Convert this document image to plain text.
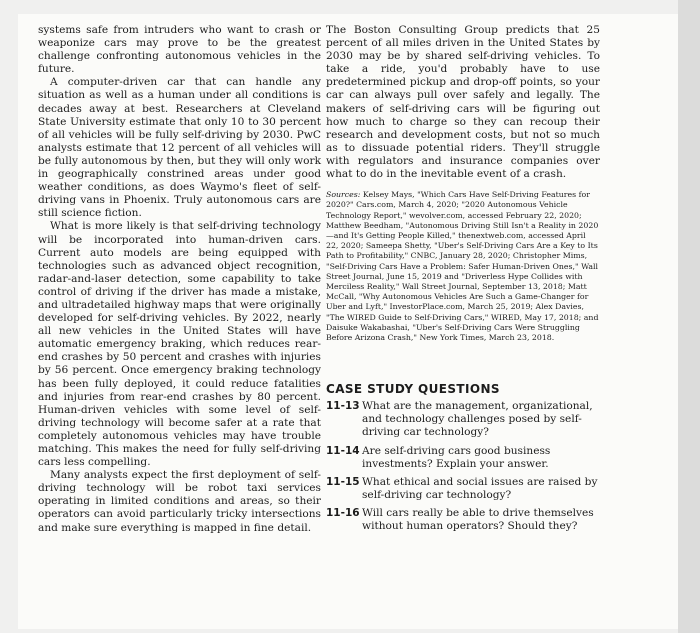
systems safe from intruders who want to crash or weaponize cars may prove to be the greatest challenge confronting autonomous vehicles in the future.

A computer-driven car that can handle any situation as well as a human under all conditions is decades away at best. Researchers at Cleveland State University estimate that only 10 to 30 percent of all vehicles will be fully self-driving by 2030. PwC analysts estimate that 12 percent of all vehicles will be fully autonomous by then, but they will only work in geographically constrined areas under good weather conditions, as does Waymo's fleet of self-driving vans in Phoenix. Truly autonomous cars are still science fiction.

What is more likely is that self-driving technology will be incorporated into human-driven cars. Current auto models are being equipped with technologies such as advanced object recognition, radar-and-laser detection, some capability to take control of driving if the driver has made a mistake, and ultradetailed highway maps that were originally developed for self-driving vehicles. By 2022, nearly all new vehicles in the United States will have automatic emergency braking, which reduces rear-end crashes by 50 percent and crashes with injuries by 56 percent. Once emergency braking technology has been fully deployed, it could reduce fatalities and injuries from rear-end crashes by 80 percent. Human-driven vehicles with some level of self-driving technology will become safer at a rate that completely autonomous vehicles may have trouble matching. This makes the need for fully self-driving cars less compelling.

Many analysts expect the first deployment of self-driving technology will be robot taxi services operating in limited conditions and areas, so their operators can avoid particularly tricky intersections and make sure everything is mapped in fine detail.

The Boston Consulting Group predicts that 25 percent of all miles driven in the United States by 2030 may be by shared self-driving vehicles. To take a ride, you'd probably have to use predetermined pickup and drop-off points, so your car can always pull over safely and legally. The makers of self-driving cars will be figuring out how much to charge so they can recoup their research and development costs, but not so much as to dissuade potential riders. They'll struggle with regulators and insurance companies over what to do in the inevitable event of a crash.

Sources: Kelsey Mays, "Which Cars Have Self-Driving Features for 2020?" Cars.com, March 4, 2020; "2020 Autonomous Vehicle Technology Report," wevolver.com, accessed February 22, 2020; Matthew Beedham, "Autonomous Driving Still Isn't a Reality in 2020—and It's Getting People Killed," thenextweb.com, accessed April 22, 2020; Sameepa Shetty, "Uber's Self-Driving Cars Are a Key to Its Path to Profitability," CNBC, January 28, 2020; Christopher Mims, "Self-Driving Cars Have a Problem: Safer Human-Driven Ones," Wall Street Journal, June 15, 2019 and "Driverless Hype Collides with Merciless Reality," Wall Street Journal, September 13, 2018; Matt McCall, "Why Autonomous Vehicles Are Such a Game-Changer for Uber and Lyft," InvestorPlace.com, March 25, 2019; Alex Davies, "The WIRED Guide to Self-Driving Cars," WIRED, May 17, 2018; and Daisuke Wakabashai, "Uber's Self-Driving Cars Were Struggling Before Arizona Crash," New York Times, March 23, 2018.
CASE STUDY QUESTIONS
11-13 What are the management, organizational, and technology challenges posed by self-driving car technology?
11-14 Are self-driving cars good business investments? Explain your answer.
11-15 What ethical and social issues are raised by self-driving car technology?
11-16 Will cars really be able to drive themselves without human operators? Should they?
